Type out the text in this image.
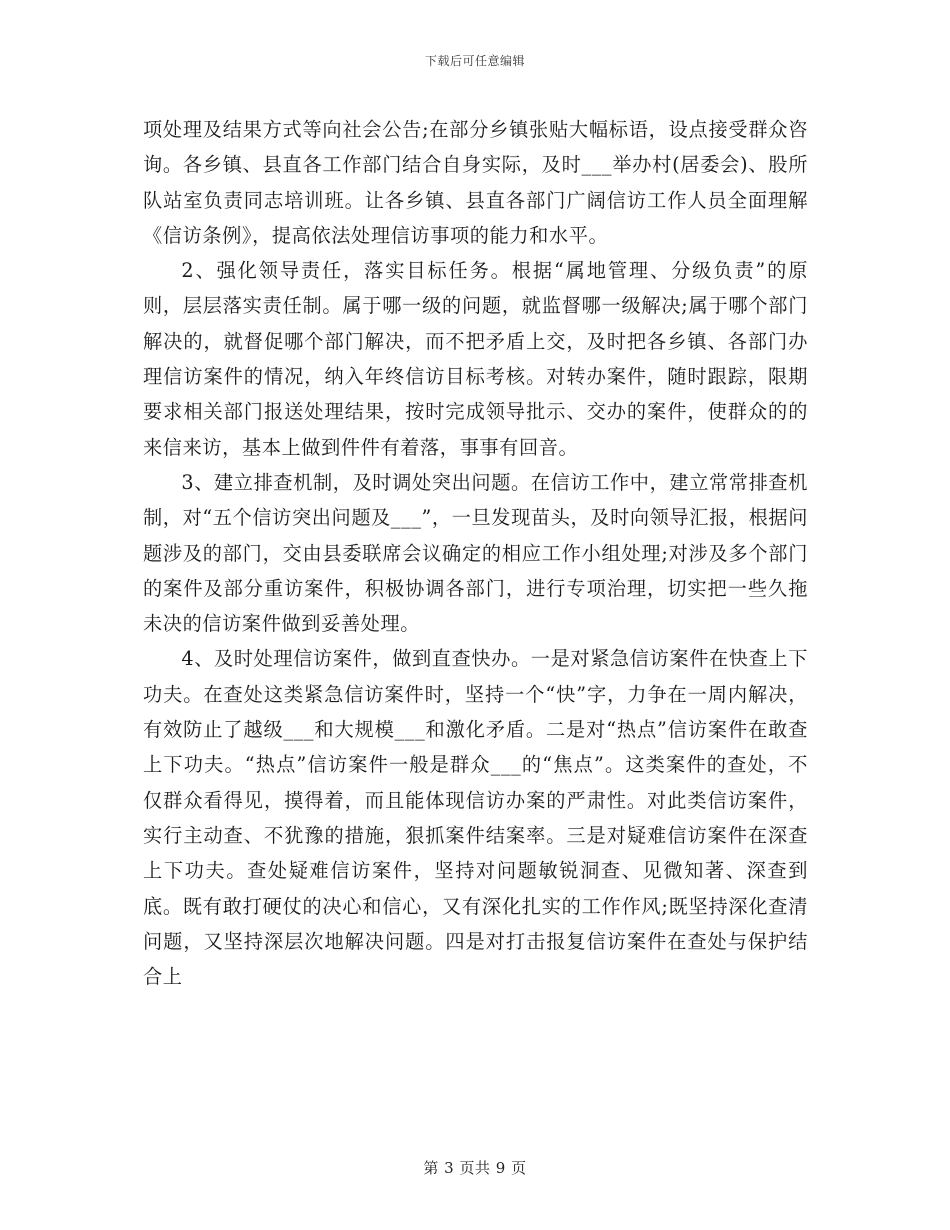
下载后可任意编辑

项处理及结果方式等向社会公告;在部分乡镇张贴大幅标语，设点接受群众咨询。各乡镇、县直各工作部门结合自身实际，及时___举办村(居委会)、股所队站室负责同志培训班。让各乡镇、县直各部门广阔信访工作人员全面理解《信访条例》，提高依法处理信访事项的能力和水平。

2、强化领导责任，落实目标任务。根据“属地管理、分级负责”的原则，层层落实责任制。属于哪一级的问题，就监督哪一级解决;属于哪个部门解决的，就督促哪个部门解决，而不把矛盾上交，及时把各乡镇、各部门办理信访案件的情况，纳入年终信访目标考核。对转办案件，随时跟踪，限期要求相关部门报送处理结果，按时完成领导批示、交办的案件，使群众的的来信来访，基本上做到件件有着落，事事有回音。

3、建立排查机制，及时调处突出问题。在信访工作中，建立常常排查机制，对“五个信访突出问题及___”，一旦发现苗头，及时向领导汇报，根据问题涉及的部门，交由县委联席会议确定的相应工作小组处理;对涉及多个部门的案件及部分重访案件，积极协调各部门，进行专项治理，切实把一些久拖未决的信访案件做到妥善处理。

4、及时处理信访案件，做到直查快办。一是对紧急信访案件在快查上下功夫。在查处这类紧急信访案件时，坚持一个“快”字，力争在一周内解决，有效防止了越级___和大规模___和激化矛盾。二是对“热点”信访案件在敢查上下功夫。“热点”信访案件一般是群众___的“焦点”。这类案件的查处，不仅群众看得见，摸得着，而且能体现信访办案的严肃性。对此类信访案件，实行主动查、不犹豫的措施，狠抓案件结案率。三是对疑难信访案件在深查上下功夫。查处疑难信访案件，坚持对问题敏锐洞查、见微知著、深查到底。既有敢打硬仗的决心和信心，又有深化扎实的工作作风;既坚持深化查清问题，又坚持深层次地解决问题。四是对打击报复信访案件在查处与保护结合上

第 3 页共 9 页
